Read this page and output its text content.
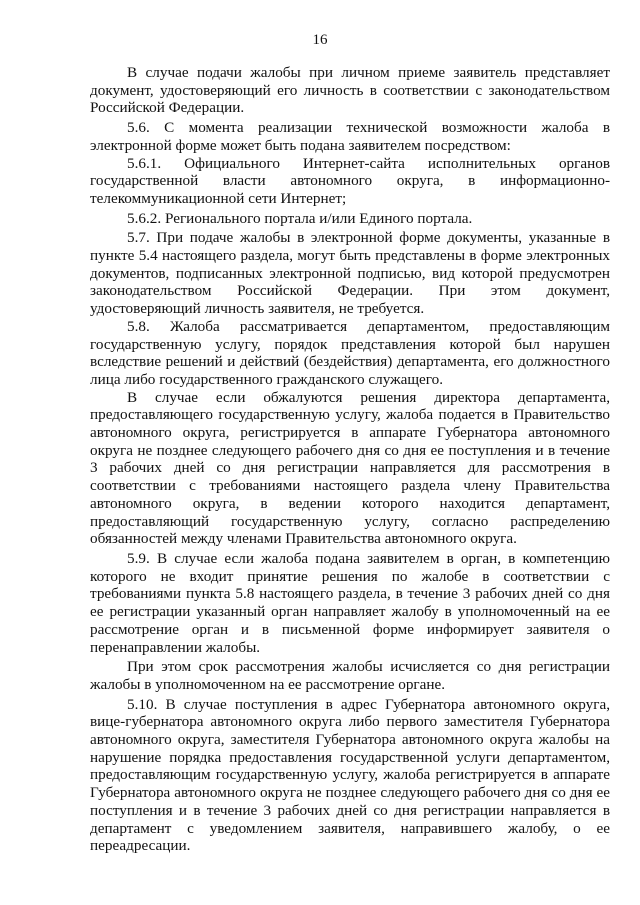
16

В случае подачи жалобы при личном приеме заявитель представляет документ, удостоверяющий его личность в соответствии с законодательством Российской Федерации.

5.6. С момента реализации технической возможности жалоба в электронной форме может быть подана заявителем посредством:

5.6.1. Официального Интернет-сайта исполнительных органов государственной власти автономного округа, в информационно-телекоммуникационной сети Интернет;

5.6.2. Регионального портала и/или Единого портала.

5.7. При подаче жалобы в электронной форме документы, указанные в пункте 5.4 настоящего раздела, могут быть представлены в форме электронных документов, подписанных электронной подписью, вид которой предусмотрен законодательством Российской Федерации. При этом документ, удостоверяющий личность заявителя, не требуется.

5.8. Жалоба рассматривается департаментом, предоставляющим государственную услугу, порядок представления которой был нарушен вследствие решений и действий (бездействия) департамента, его должностного лица либо государственного гражданского служащего.

В случае если обжалуются решения директора департамента, предоставляющего государственную услугу, жалоба подается в Правительство автономного округа, регистрируется в аппарате Губернатора автономного округа не позднее следующего рабочего дня со дня ее поступления и в течение 3 рабочих дней со дня регистрации направляется для рассмотрения в соответствии с требованиями настоящего раздела члену Правительства автономного округа, в ведении которого находится департамент, предоставляющий государственную услугу, согласно распределению обязанностей между членами Правительства автономного округа.

5.9. В случае если жалоба подана заявителем в орган, в компетенцию которого не входит принятие решения по жалобе в соответствии с требованиями пункта 5.8 настоящего раздела, в течение 3 рабочих дней со дня ее регистрации указанный орган направляет жалобу в уполномоченный на ее рассмотрение орган и в письменной форме информирует заявителя о перенаправлении жалобы.

При этом срок рассмотрения жалобы исчисляется со дня регистрации жалобы в уполномоченном на ее рассмотрение органе.

5.10. В случае поступления в адрес Губернатора автономного округа, вице-губернатора автономного округа либо первого заместителя Губернатора автономного округа, заместителя Губернатора автономного округа жалобы на нарушение порядка предоставления государственной услуги департаментом, предоставляющим государственную услугу, жалоба регистрируется в аппарате Губернатора автономного округа не позднее следующего рабочего дня со дня ее поступления и в течение 3 рабочих дней со дня регистрации направляется в департамент с уведомлением заявителя, направившего жалобу, о ее переадресации.
